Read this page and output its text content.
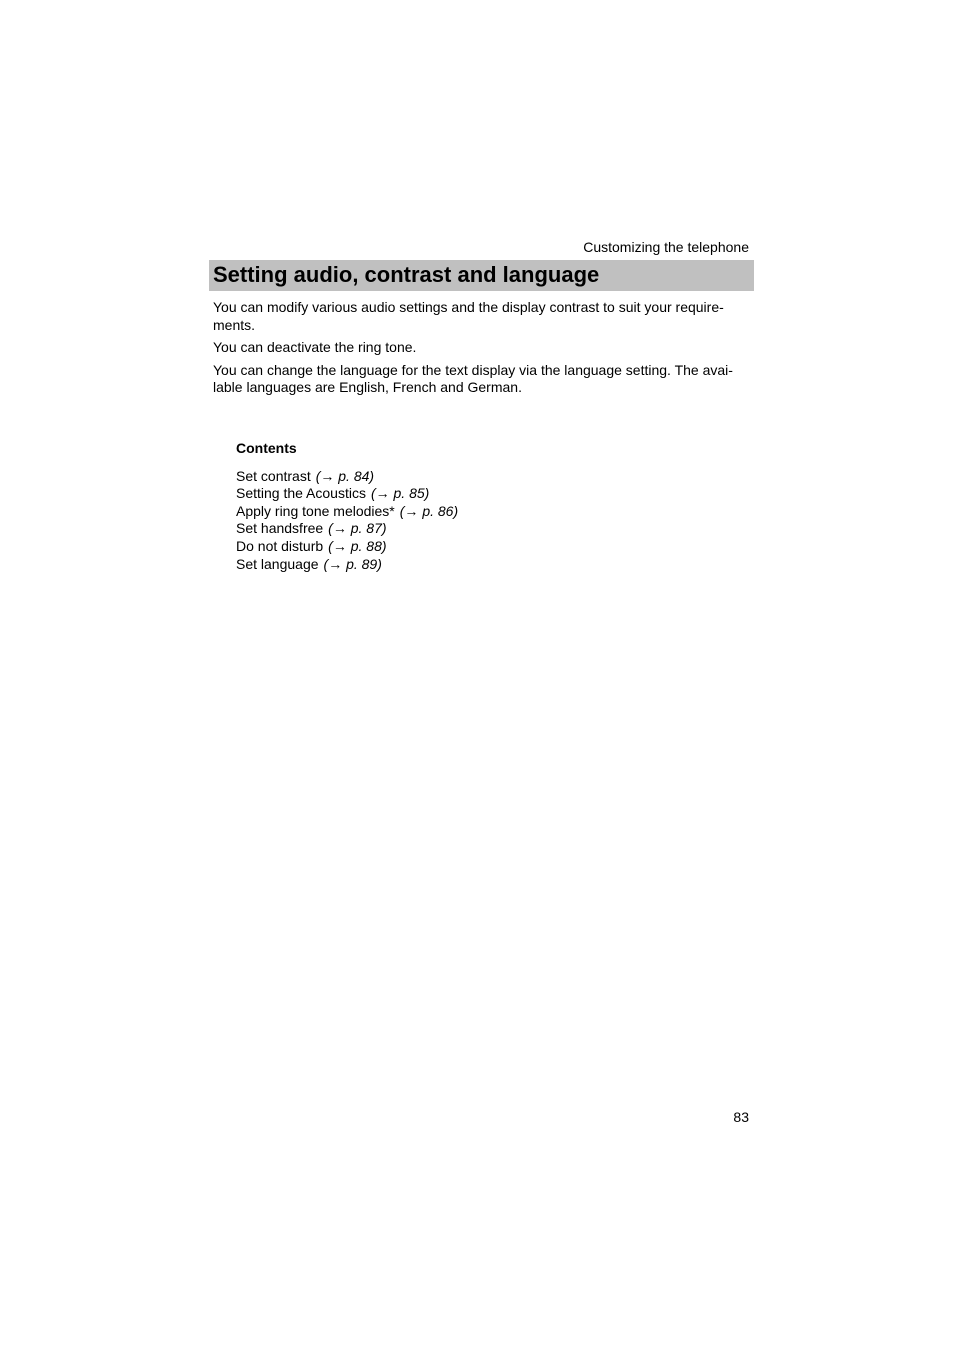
Customizing the telephone
Setting audio, contrast and language

You can modify various audio settings and the display contrast to suit your require-ments.

You can deactivate the ring tone.

You can change the language for the text display via the language setting. The avai-lable languages are English, French and German.

Contents
Set contrast (→ p. 84)
Setting the Acoustics (→ p. 85)
Apply ring tone melodies* (→ p. 86)
Set handsfree (→ p. 87)
Do not disturb (→ p. 88)
Set language (→ p. 89)
83
